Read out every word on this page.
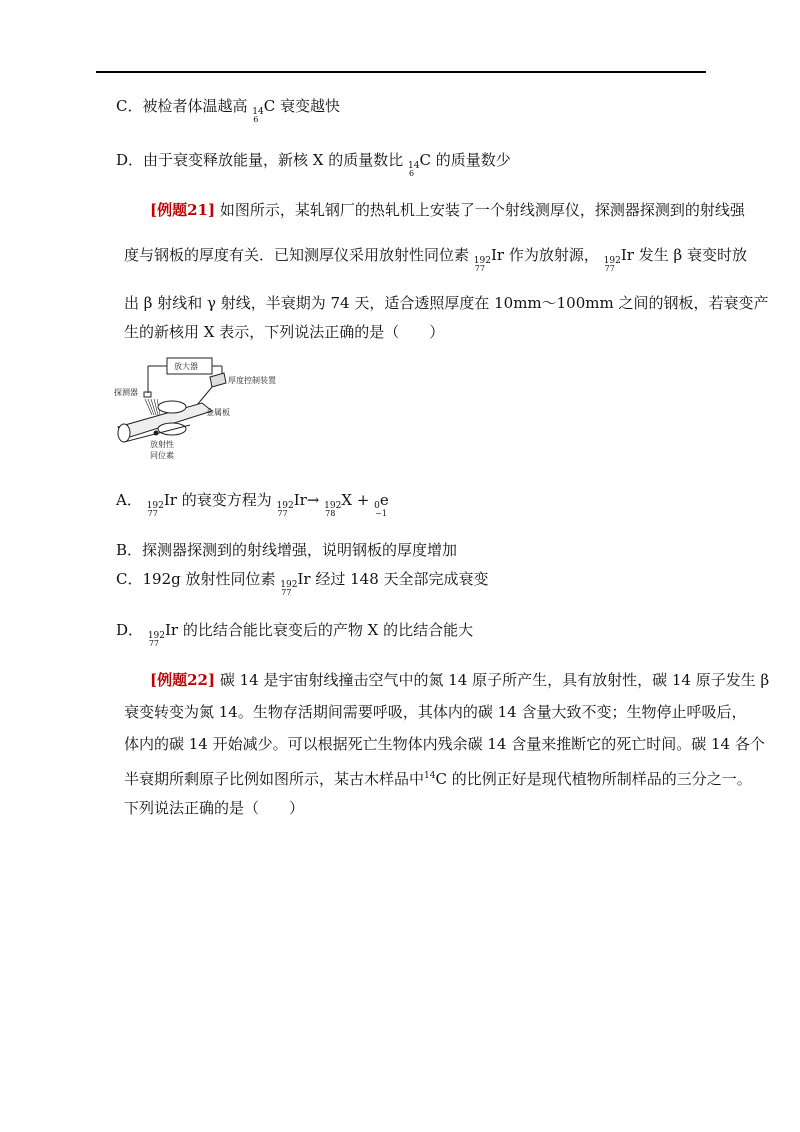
C．被检者体温越高 $_{14}$C
6
衰变越快
D．由于衰变释放能量，新核 X 的质量数比 $_{14}$C
6
的质量数少
[例题21] 如图所示，某轧钢厂的热轧机上安装了一个射线测厚仪，探测器探测到的射线强
度与钢板的厚度有关．已知测厚仪采用放射性同位素 $_{192}$Ir
77
作为放射源， $_{192}$Ir
77
发生 β 衰变时放
出 β 射线和 γ 射线，半衰期为 74 天，适合透照厚度在 10mm～100mm 之间的钢板，若衰变产
生的新核用 X 表示，下列说法正确的是（　　）
放大器
厚度控制装置
探测器
金属板
放射性
同位素
A． $_{192}$Ir
77
的衰变方程为 $_{192}$Ir
77
→ $_{192}$X
78
+ $_0$e
−1
B．探测器探测到的射线增强，说明钢板的厚度增加
C．192g 放射性同位素 $_{192}$Ir
77
经过 148 天全部完成衰变
D． $_{192}$Ir
77
的比结合能比衰变后的产物 X 的比结合能大
[例题22] 碳 14 是宇宙射线撞击空气中的氮 14 原子所产生，具有放射性，碳 14 原子发生 β
衰变转变为氮 14。生物存活期间需要呼吸，其体内的碳 14 含量大致不变；生物停止呼吸后，
体内的碳 14 开始减少。可以根据死亡生物体内残余碳 14 含量来推断它的死亡时间。碳 14 各个
半衰期所剩原子比例如图所示，某古木样品中$^{14}$C 的比例正好是现代植物所制样品的三分之一。
下列说法正确的是（　　）
